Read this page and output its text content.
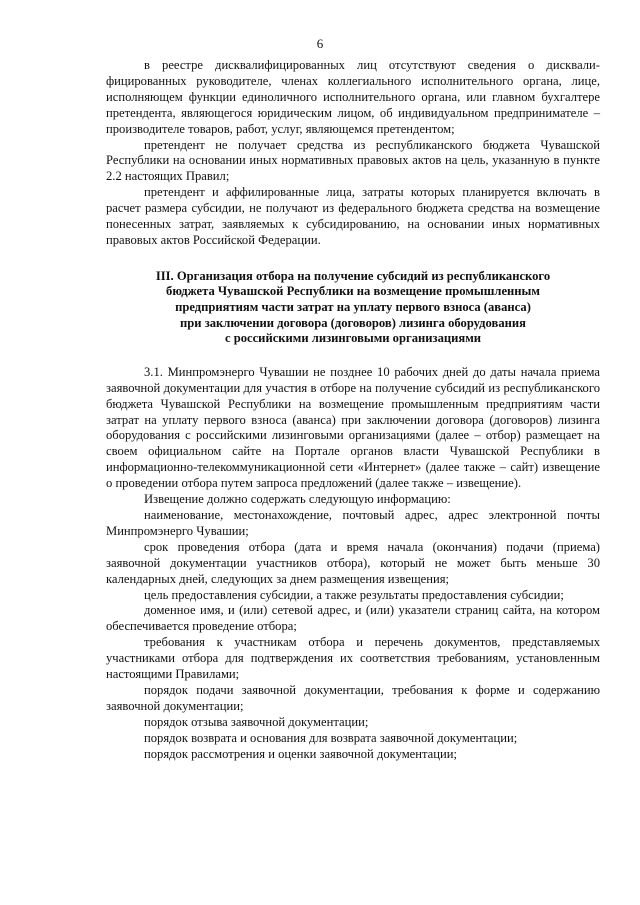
6

в реестре дисквалифицированных лиц отсутствуют сведения о дисквалифицированных руководителе, членах коллегиального исполнительного органа, лице, исполняющем функции единоличного исполнительного органа, или главном бухгалтере претендента, являющегося юридическим лицом, об индивидуальном предпринимателе – производителе товаров, работ, услуг, являющемся претендентом;

претендент не получает средства из республиканского бюджета Чувашской Республики на основании иных нормативных правовых актов на цель, указанную в пункте 2.2 настоящих Правил;

претендент и аффилированные лица, затраты которых планируется включать в расчет размера субсидии, не получают из федерального бюджета средства на возмещение понесенных затрат, заявляемых к субсидированию, на основании иных нормативных правовых актов Российской Федерации.

III. Организация отбора на получение субсидий из республиканского
бюджета Чувашской Республики на возмещение промышленным
предприятиям части затрат на уплату первого взноса (аванса)
при заключении договора (договоров) лизинга оборудования
с российскими лизинговыми организациями

3.1. Минпромэнерго Чувашии не позднее 10 рабочих дней до даты начала приема заявочной документации для участия в отборе на получение субсидий из республиканского бюджета Чувашской Республики на возмещение промышленным предприятиям части затрат на уплату первого взноса (аванса) при заключении договора (договоров) лизинга оборудования с российскими лизинговыми организациями (далее – отбор) размещает на своем официальном сайте на Портале органов власти Чувашской Республики в информационно-телекоммуникационной сети «Интернет» (далее также – сайт) извещение о проведении отбора путем запроса предложений (далее также – извещение).

Извещение должно содержать следующую информацию:

наименование, местонахождение, почтовый адрес, адрес электронной почты Минпромэнерго Чувашии;

срок проведения отбора (дата и время начала (окончания) подачи (приема) заявочной документации участников отбора), который не может быть меньше 30 календарных дней, следующих за днем размещения извещения;

цель предоставления субсидии, а также результаты предоставления субсидии;

доменное имя, и (или) сетевой адрес, и (или) указатели страниц сайта, на котором обеспечивается проведение отбора;

требования к участникам отбора и перечень документов, представляемых участниками отбора для подтверждения их соответствия требованиям, установленным настоящими Правилами;

порядок подачи заявочной документации, требования к форме и содержанию заявочной документации;

порядок отзыва заявочной документации;

порядок возврата и основания для возврата заявочной документации;

порядок рассмотрения и оценки заявочной документации;
